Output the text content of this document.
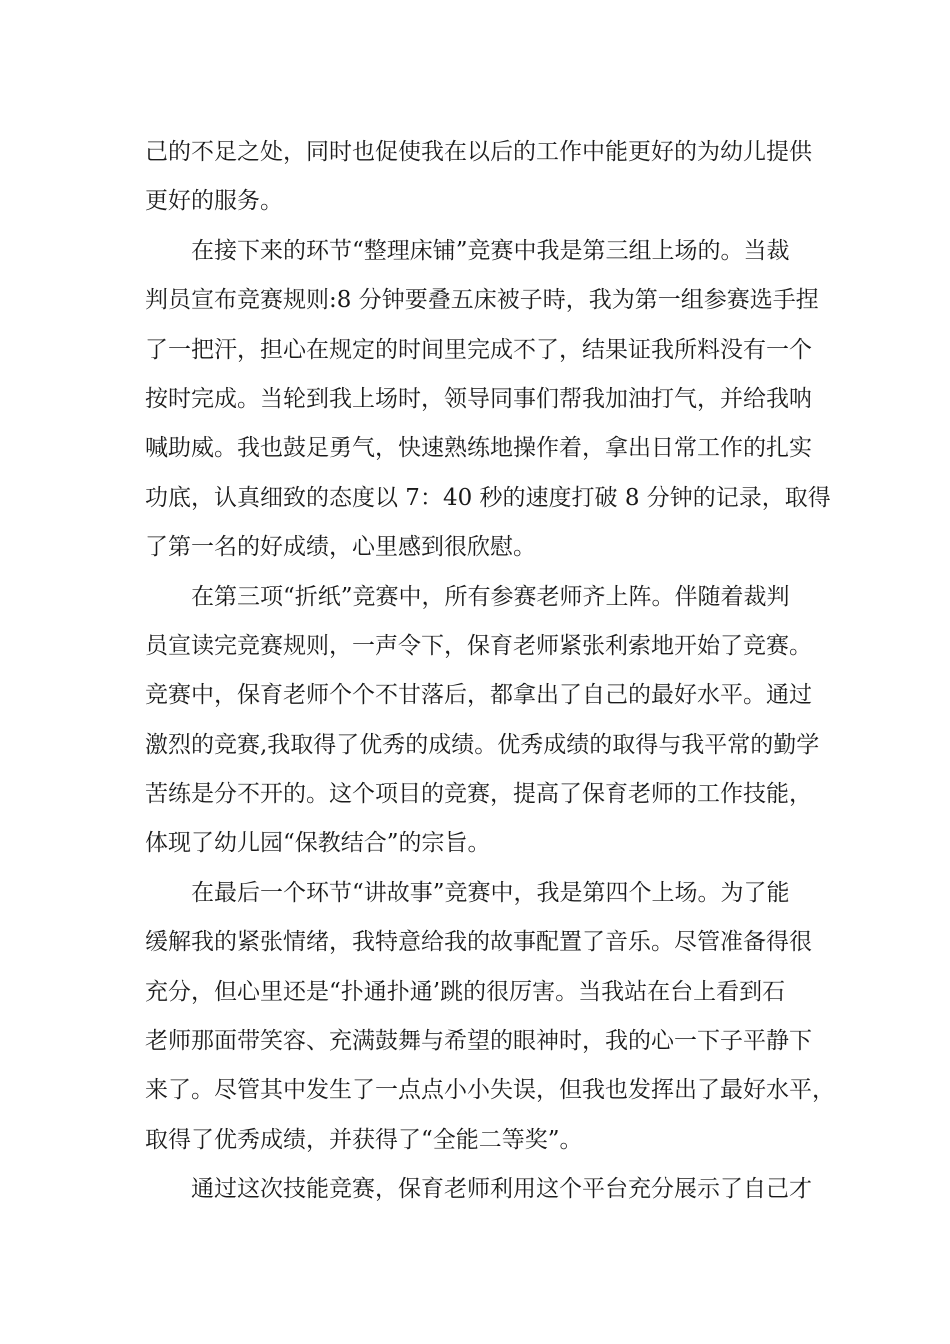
己的不足之处，同时也促使我在以后的工作中能更好的为幼儿提供
更好的服务。
在接下来的环节“整理床铺”竞赛中我是第三组上场的。当裁
判员宣布竞赛规则:8 分钟要叠五床被子時，我为第一组参赛选手捏
了一把汗，担心在规定的时间里完成不了，结果证我所料没有一个
按时完成。当轮到我上场时，领导同事们帮我加油打气，并给我呐
喊助威。我也鼓足勇气，快速熟练地操作着，拿出日常工作的扎实
功底，认真细致的态度以 7：40 秒的速度打破 8 分钟的记录，取得
了第一名的好成绩，心里感到很欣慰。
在第三项“折纸”竞赛中，所有参赛老师齐上阵。伴随着裁判
员宣读完竞赛规则，一声令下，保育老师紧张利索地开始了竞赛。
竞赛中，保育老师个个不甘落后，都拿出了自己的最好水平。通过
激烈的竞赛,我取得了优秀的成绩。优秀成绩的取得与我平常的勤学
苦练是分不开的。这个项目的竞赛，提高了保育老师的工作技能，
体现了幼儿园“保教结合”的宗旨。
在最后一个环节“讲故事”竞赛中，我是第四个上场。为了能
缓解我的紧张情绪，我特意给我的故事配置了音乐。尽管准备得很
充分，但心里还是“扑通扑通’跳的很厉害。当我站在台上看到石
老师那面带笑容、充满鼓舞与希望的眼神时，我的心一下子平静下
来了。尽管其中发生了一点点小小失误，但我也发挥出了最好水平，
取得了优秀成绩，并获得了“全能二等奖”。
通过这次技能竞赛，保育老师利用这个平台充分展示了自己才
